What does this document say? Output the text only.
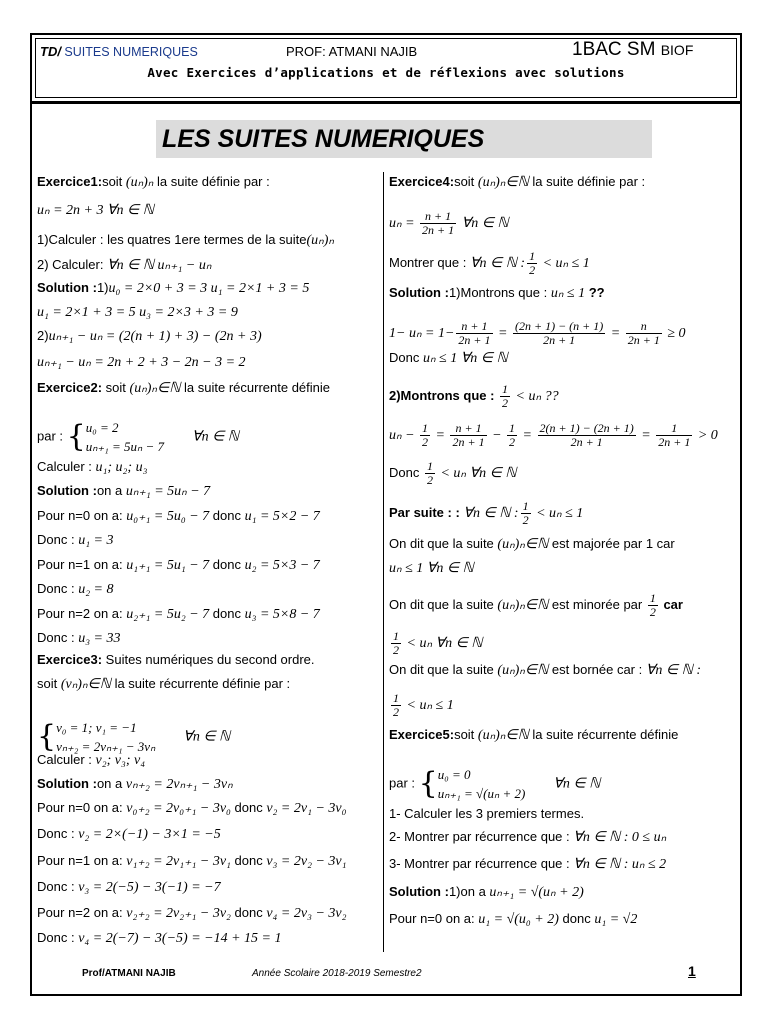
TD/ SUITES NUMERIQUES	PROF: ATMANI NAJIB	1BAC SM BIOF
Avec Exercices d’applications et de réflexions avec solutions
LES SUITES NUMERIQUES
Exercice1:soit (uₙ)ₙ la suite définie par :
uₙ = 2n + 3 ∀n ∈ ℕ
1)Calculer : les quatres 1ere termes de la suite(uₙ)ₙ
2) Calculer: ∀n ∈ ℕ uₙ₊₁ − uₙ
Solution :1)u₀ = 2×0 + 3 = 3 u₁ = 2×1 + 3 = 5
u₁ = 2×1 + 3 = 5 u₃ = 2×3 + 3 = 9
2)uₙ₊₁ − uₙ = (2(n + 1) + 3) − (2n + 3)
uₙ₊₁ − uₙ = 2n + 2 + 3 − 2n − 3 = 2
Exercice2: soit (uₙ)ₙ∈ℕ la suite récurrente définie
par : { u₀ = 2
uₙ₊₁ = 5uₙ − 7
∀n ∈ ℕ
Calculer : u₁; u₂; u₃
Solution :on a uₙ₊₁ = 5uₙ − 7
Pour n=0 on a: u₀₊₁ = 5u₀ − 7 donc u₁ = 5×2 − 7
Donc : u₁ = 3
Pour n=1 on a: u₁₊₁ = 5u₁ − 7 donc u₂ = 5×3 − 7
Donc : u₂ = 8
Pour n=2 on a: u₂₊₁ = 5u₂ − 7 donc u₃ = 5×8 − 7
Donc : u₃ = 33
Exercice3: Suites numériques du second ordre.
soit (vₙ)ₙ∈ℕ la suite récurrente définie par :
{ v₀ = 1; v₁ = −1
vₙ₊₂ = 2vₙ₊₁ − 3vₙ
∀n ∈ ℕ
Calculer : v₂; v₃; v₄
Solution :on a vₙ₊₂ = 2vₙ₊₁ − 3vₙ
Pour n=0 on a: v₀₊₂ = 2v₀₊₁ − 3v₀ donc v₂ = 2v₁ − 3v₀
Donc : v₂ = 2×(−1) − 3×1 = −5
Pour n=1 on a: v₁₊₂ = 2v₁₊₁ − 3v₁ donc v₃ = 2v₂ − 3v₁
Donc : v₃ = 2(−5) − 3(−1) = −7
Pour n=2 on a: v₂₊₂ = 2v₂₊₁ − 3v₂ donc v₄ = 2v₃ − 3v₂
Donc : v₄ = 2(−7) − 3(−5) = −14 + 15 = 1
Exercice4:soit (uₙ)ₙ∈ℕ la suite définie par :
$u_n = \frac{n + 1}{2n + 1}$ ∀n ∈ ℕ
Montrer que : ∀n ∈ ℕ : $\frac{1}{2} < u_n \le 1$
Solution :1)Montrons que : uₙ ≤ 1 ??
$1- u_n = 1- \frac{n + 1}{2n + 1} = \frac{(2n + 1) - (n + 1)}{2n + 1} = \frac{n}{2n + 1} \ge 0$
Donc uₙ ≤ 1 ∀n ∈ ℕ
2)Montrons que : $\frac{1}{2} < u_n$ ??
$u_n - \frac{1}{2} = \frac{n + 1}{2n + 1} - \frac{1}{2} = \frac{2(n + 1) - (2n + 1)}{2n + 1} = \frac{1}{2n + 1} > 0$
Donc $\frac{1}{2} < u_n$ ∀n ∈ ℕ
Par suite : : ∀n ∈ ℕ : $\frac{1}{2} < u_n \le 1$
On dit que la suite (uₙ)ₙ∈ℕ est majorée par 1 car
uₙ ≤ 1 ∀n ∈ ℕ
On dit que la suite (uₙ)ₙ∈ℕ est minorée par $\frac{1}{2}$ car
$\frac{1}{2} < u_n$ ∀n ∈ ℕ
On dit que la suite (uₙ)ₙ∈ℕ est bornée car : ∀n ∈ ℕ :
$\frac{1}{2} < u_n \le 1$
Exercice5:soit (uₙ)ₙ∈ℕ la suite récurrente définie
par : { u₀ = 0
uₙ₊₁ = √(uₙ + 2)
∀n ∈ ℕ
1- Calculer les 3 premiers termes.
2- Montrer par récurrence que : ∀n ∈ ℕ : 0 ≤ uₙ
3- Montrer par récurrence que : ∀n ∈ ℕ : uₙ ≤ 2
Solution :1)on a uₙ₊₁ = √(uₙ + 2)
Pour n=0 on a: u₁ = √(u₀ + 2) donc u₁ = √2
Prof/ATMANI NAJIB	Année Scolaire 2018-2019 Semestre2	1
